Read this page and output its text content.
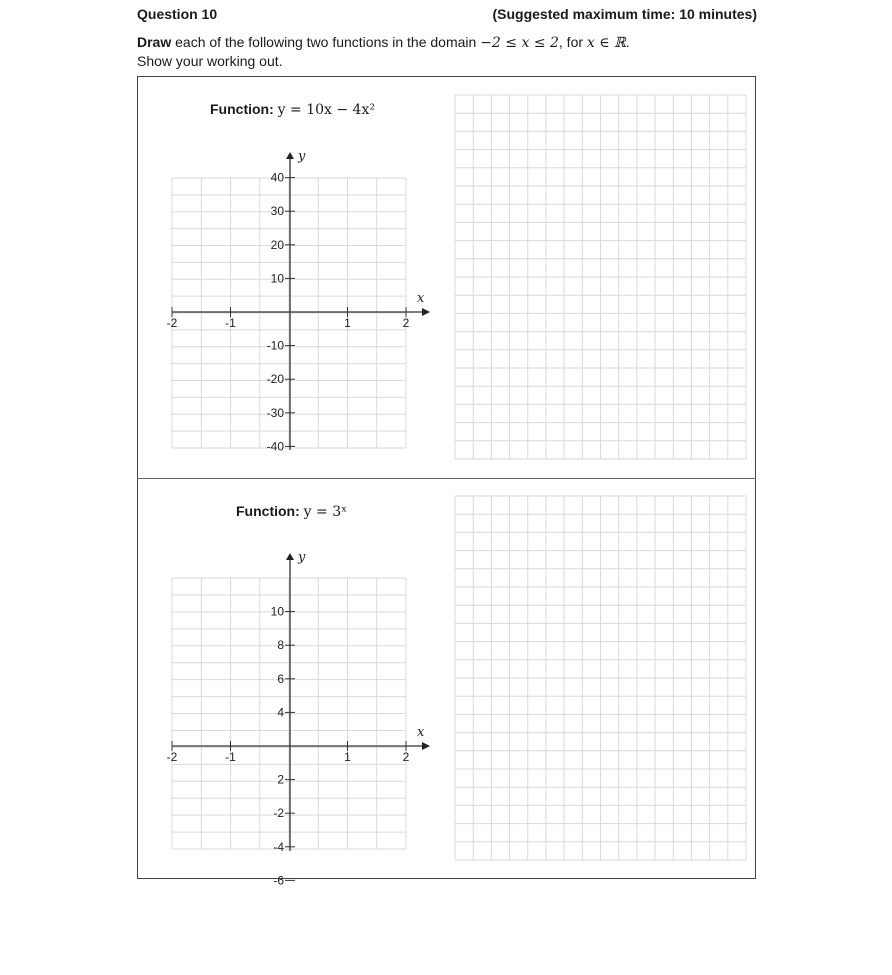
Question 10	(Suggested maximum time: 10 minutes)
Draw each of the following two functions in the domain −2 ≤ x ≤ 2, for x ∈ ℝ.
Show your working out.
Function: y = 10x − 4x²
Function: y = 3ˣ
x
y
-2	-1	1	2
40
30
20
10
-10
-20
-30
-40
x
y
-2	-1	1	2
10
8
6
4
2
-2
-4
-6
